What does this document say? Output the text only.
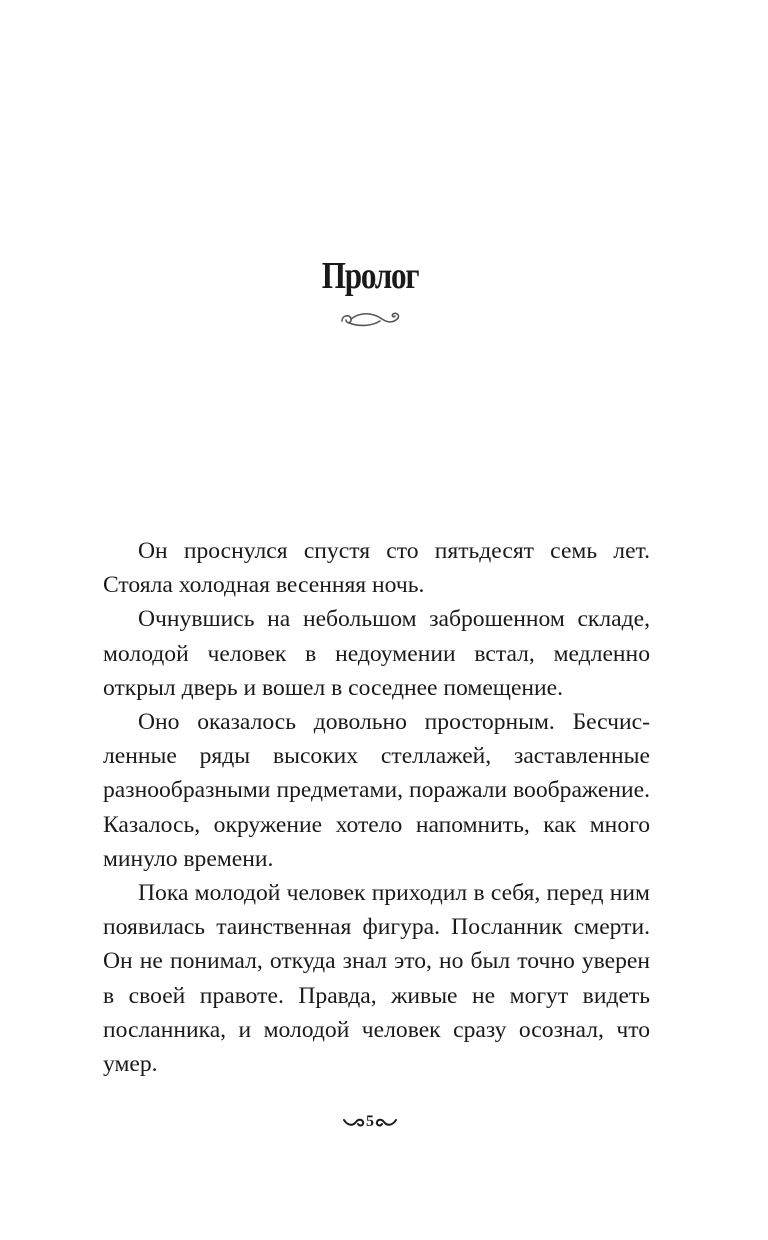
Пролог

Он проснулся спустя сто пятьдесят семь лет. Стояла холодная весенняя ночь.

Очнувшись на небольшом заброшенном складе, молодой человек в недоумении встал, медленно открыл дверь и вошел в соседнее помещение.

Оно оказалось довольно просторным. Бесчисленные ряды высоких стеллажей, заставленные разнообразными предметами, поражали воображение. Казалось, окружение хотело напомнить, как много минуло времени.

Пока молодой человек приходил в себя, перед ним появилась таинственная фигура. Посланник смерти. Он не понимал, откуда знал это, но был точно уверен в своей правоте. Правда, живые не могут видеть посланника, и молодой человек сразу осознал, что умер.

5
